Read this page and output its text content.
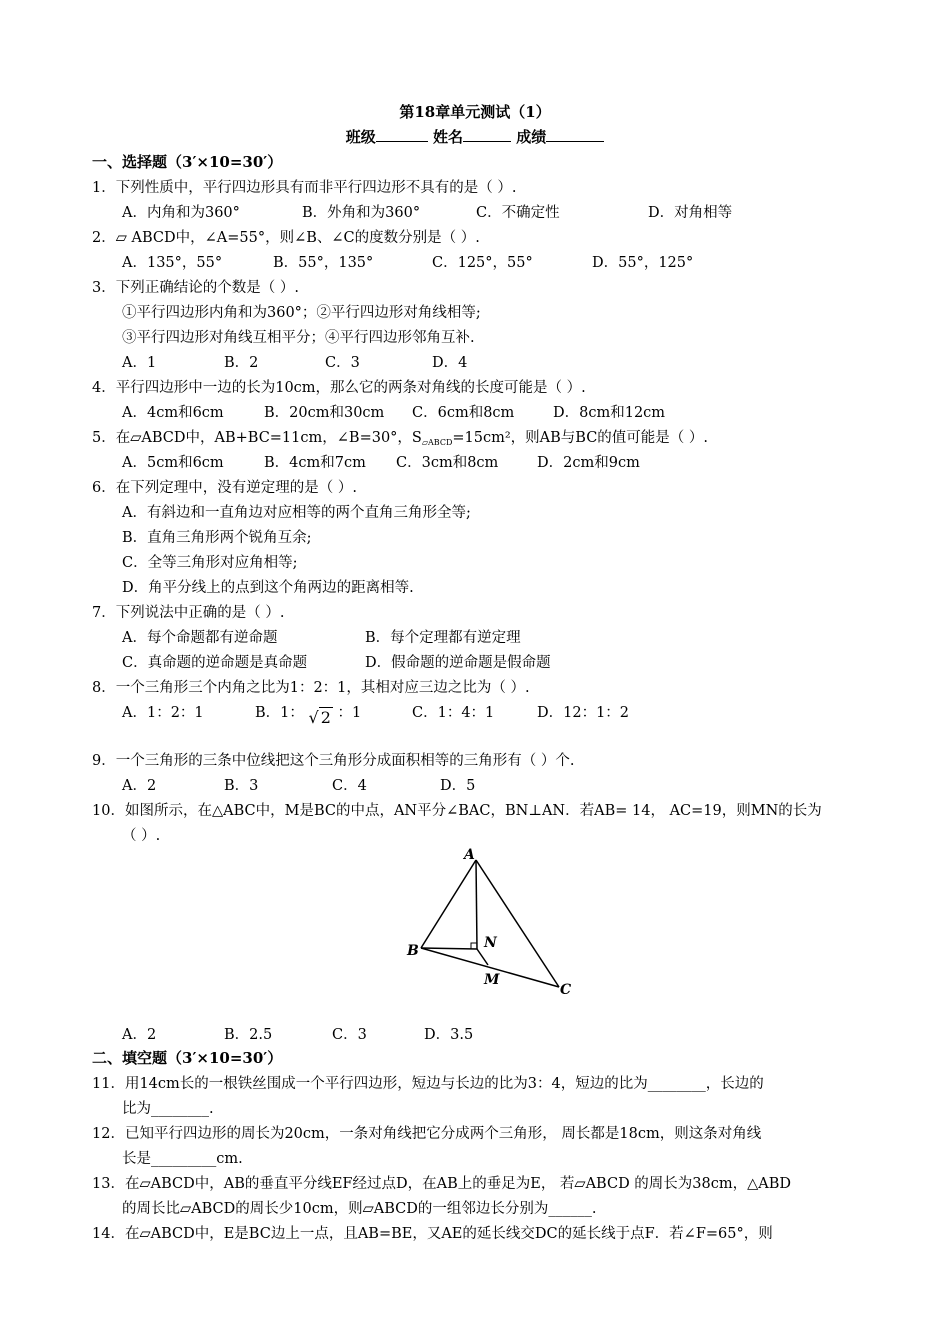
第18章单元测试（1）
班级	姓名	成绩
一、选择题（3′×10=30′）
1．下列性质中，平行四边形具有而非平行四边形不具有的是（ ）.
A．内角和为360°	B．外角和为360°	C．不确定性	D．对角相等
2．▱ ABCD中，∠A=55°，则∠B、∠C的度数分别是（ ）.
A．135°，55°	B．55°，135°	C．125°，55°	D．55°，125°
3．下列正确结论的个数是（ ）.
①平行四边形内角和为360°；②平行四边形对角线相等;
③平行四边形对角线互相平分；④平行四边形邻角互补.
A．1	B．2	C．3	D．4
4．平行四边形中一边的长为10cm，那么它的两条对角线的长度可能是（ ）.
A．4cm和6cm	B．20cm和30cm C．6cm和8cm	D．8cm和12cm
5．在▱ABCD中，AB+BC=11cm，∠B=30°，$S_{▱ABCD}=15cm^2$，则AB与BC的值可能是（ ）.
A．5cm和6cm	B．4cm和7cm C．3cm和8cm	D．2cm和9cm
6．在下列定理中，没有逆定理的是（ ）.
A．有斜边和一直角边对应相等的两个直角三角形全等;
B．直角三角形两个锐角互余;
C．全等三角形对应角相等;
D．角平分线上的点到这个角两边的距离相等.
7．下列说法中正确的是（ ）.
A．每个命题都有逆命题	B．每个定理都有逆定理
C．真命题的逆命题是真命题	D．假命题的逆命题是假命题
8．一个三角形三个内角之比为1：2：1，其相对应三边之比为（ ）.
A．1：2：1	B．1： √ 2 ：1	C．1：4：1	D．12：1：2
9．一个三角形的三条中位线把这个三角形分成面积相等的三角形有（ ）个.
A．2	B．3	C．4	D．5
10．如图所示，在△ABC中，M是BC的中点，AN平分∠BAC，BN⊥AN．若AB= 14， AC=19，则MN的长为
（ ）.
A
B
C
M
N
A．2	B．2.5	C．3	D．3.5
二、填空题（3′×10=30′）
11．用14cm长的一根铁丝围成一个平行四边形，短边与长边的比为3：4，短边的比为________，长边的
比为________.
12．已知平行四边形的周长为20cm，一条对角线把它分成两个三角形， 周长都是18cm，则这条对角线
长是_________cm.
13．在▱ABCD中，AB的垂直平分线EF经过点D，在AB上的垂足为E， 若▱ABCD 的周长为38cm，△ABD
的周长比▱ABCD的周长少10cm，则▱ABCD的一组邻边长分别为______.
14．在▱ABCD中，E是BC边上一点，且AB=BE，又AE的延长线交DC的延长线于点F．若∠F=65°，则
